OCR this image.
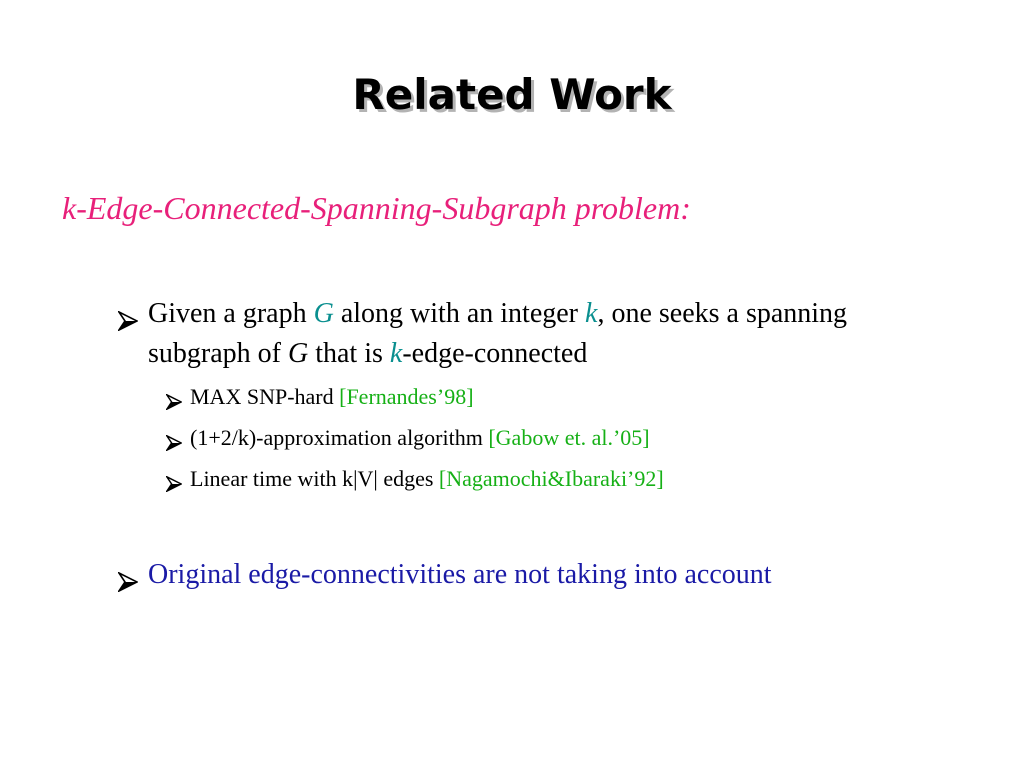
Related Work
k-Edge-Connected-Spanning-Subgraph problem:
Given a graph G along with an integer k, one seeks a spanning
subgraph of G that is k-edge-connected
MAX SNP-hard [Fernandes’98]
(1+2/k)-approximation algorithm [Gabow et. al.’05]
Linear time with k|V| edges [Nagamochi&Ibaraki’92]
Original edge-connectivities are not taking into account
